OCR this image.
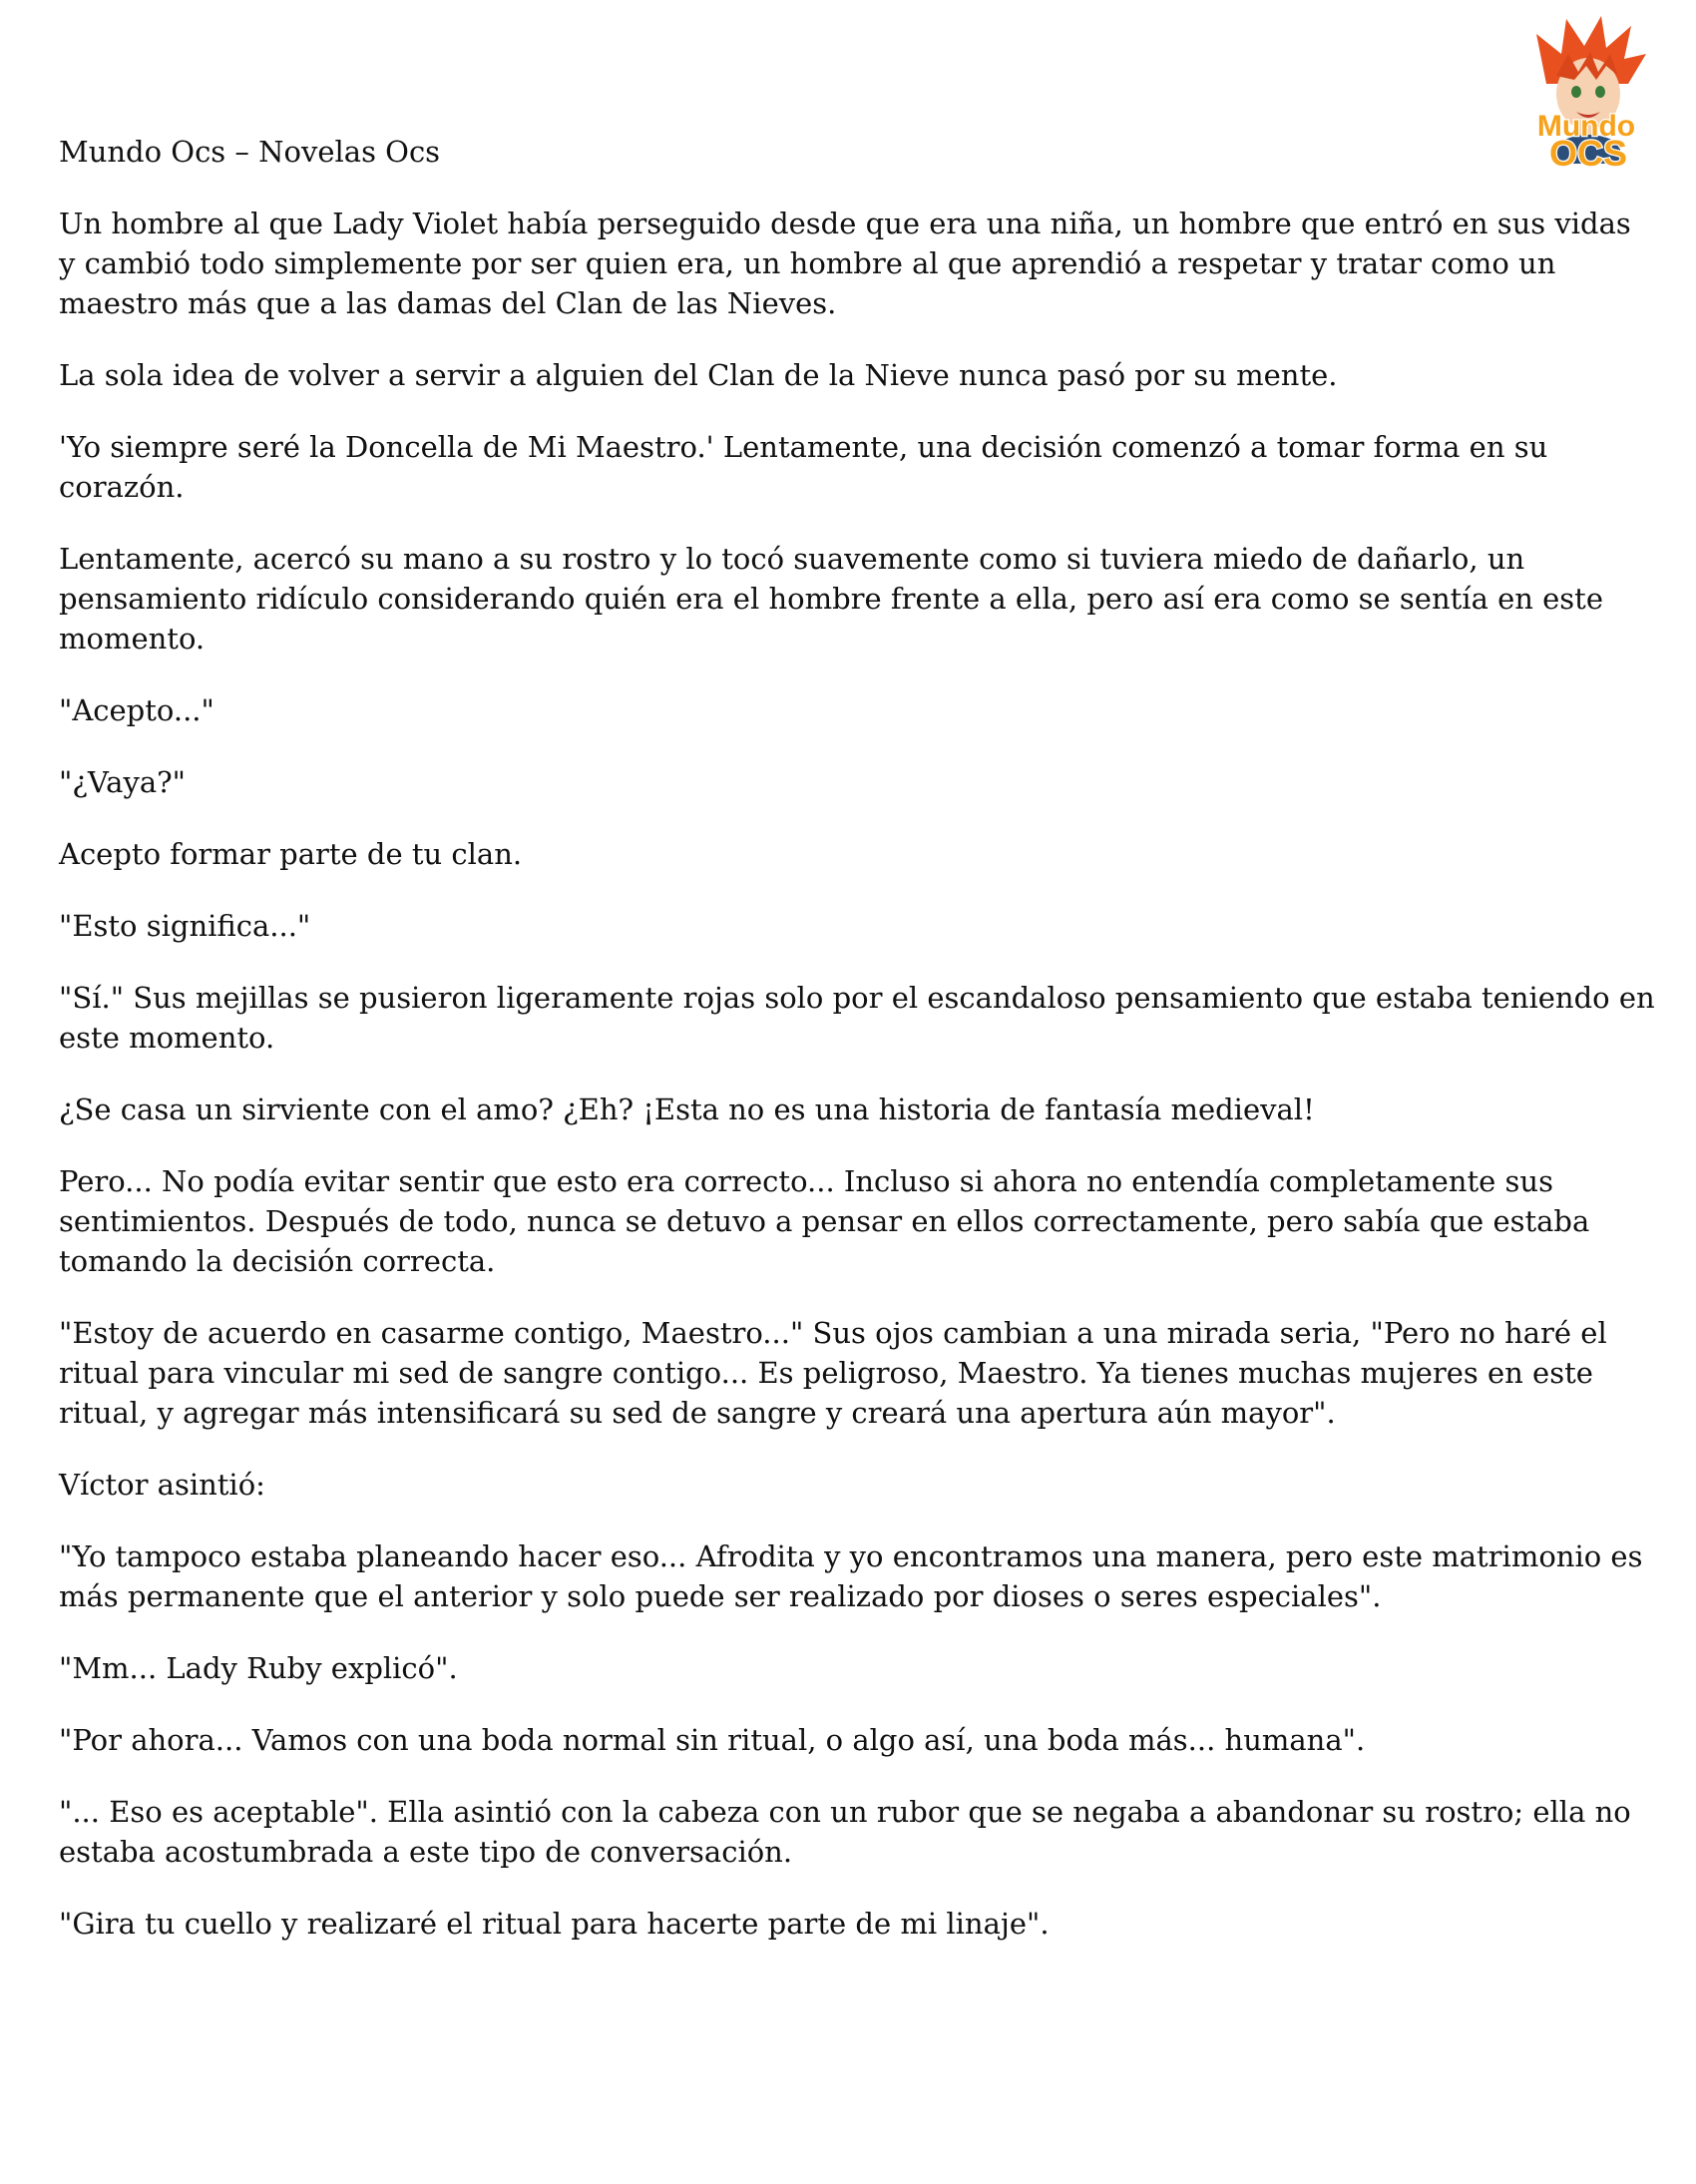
Mundo
OCS
Mundo Ocs – Novelas Ocs

Un hombre al que Lady Violet había perseguido desde que era una niña, un hombre que entró en sus vidas y cambió todo simplemente por ser quien era, un hombre al que aprendió a respetar y tratar como un maestro más que a las damas del Clan de las Nieves.

La sola idea de volver a servir a alguien del Clan de la Nieve nunca pasó por su mente.

'Yo siempre seré la Doncella de Mi Maestro.' Lentamente, una decisión comenzó a tomar forma en su corazón.

Lentamente, acercó su mano a su rostro y lo tocó suavemente como si tuviera miedo de dañarlo, un pensamiento ridículo considerando quién era el hombre frente a ella, pero así era como se sentía en este momento.

"Acepto..."

"¿Vaya?"

Acepto formar parte de tu clan.

"Esto significa..."

"Sí." Sus mejillas se pusieron ligeramente rojas solo por el escandaloso pensamiento que estaba teniendo en este momento.

¿Se casa un sirviente con el amo? ¿Eh? ¡Esta no es una historia de fantasía medieval!

Pero... No podía evitar sentir que esto era correcto... Incluso si ahora no entendía completamente sus sentimientos. Después de todo, nunca se detuvo a pensar en ellos correctamente, pero sabía que estaba tomando la decisión correcta.

"Estoy de acuerdo en casarme contigo, Maestro..." Sus ojos cambian a una mirada seria, "Pero no haré el ritual para vincular mi sed de sangre contigo... Es peligroso, Maestro. Ya tienes muchas mujeres en este ritual, y agregar más intensificará su sed de sangre y creará una apertura aún mayor".

Víctor asintió:

"Yo tampoco estaba planeando hacer eso... Afrodita y yo encontramos una manera, pero este matrimonio es más permanente que el anterior y solo puede ser realizado por dioses o seres especiales".

"Mm... Lady Ruby explicó".

"Por ahora... Vamos con una boda normal sin ritual, o algo así, una boda más... humana".

"... Eso es aceptable". Ella asintió con la cabeza con un rubor que se negaba a abandonar su rostro; ella no estaba acostumbrada a este tipo de conversación.

"Gira tu cuello y realizaré el ritual para hacerte parte de mi linaje".
